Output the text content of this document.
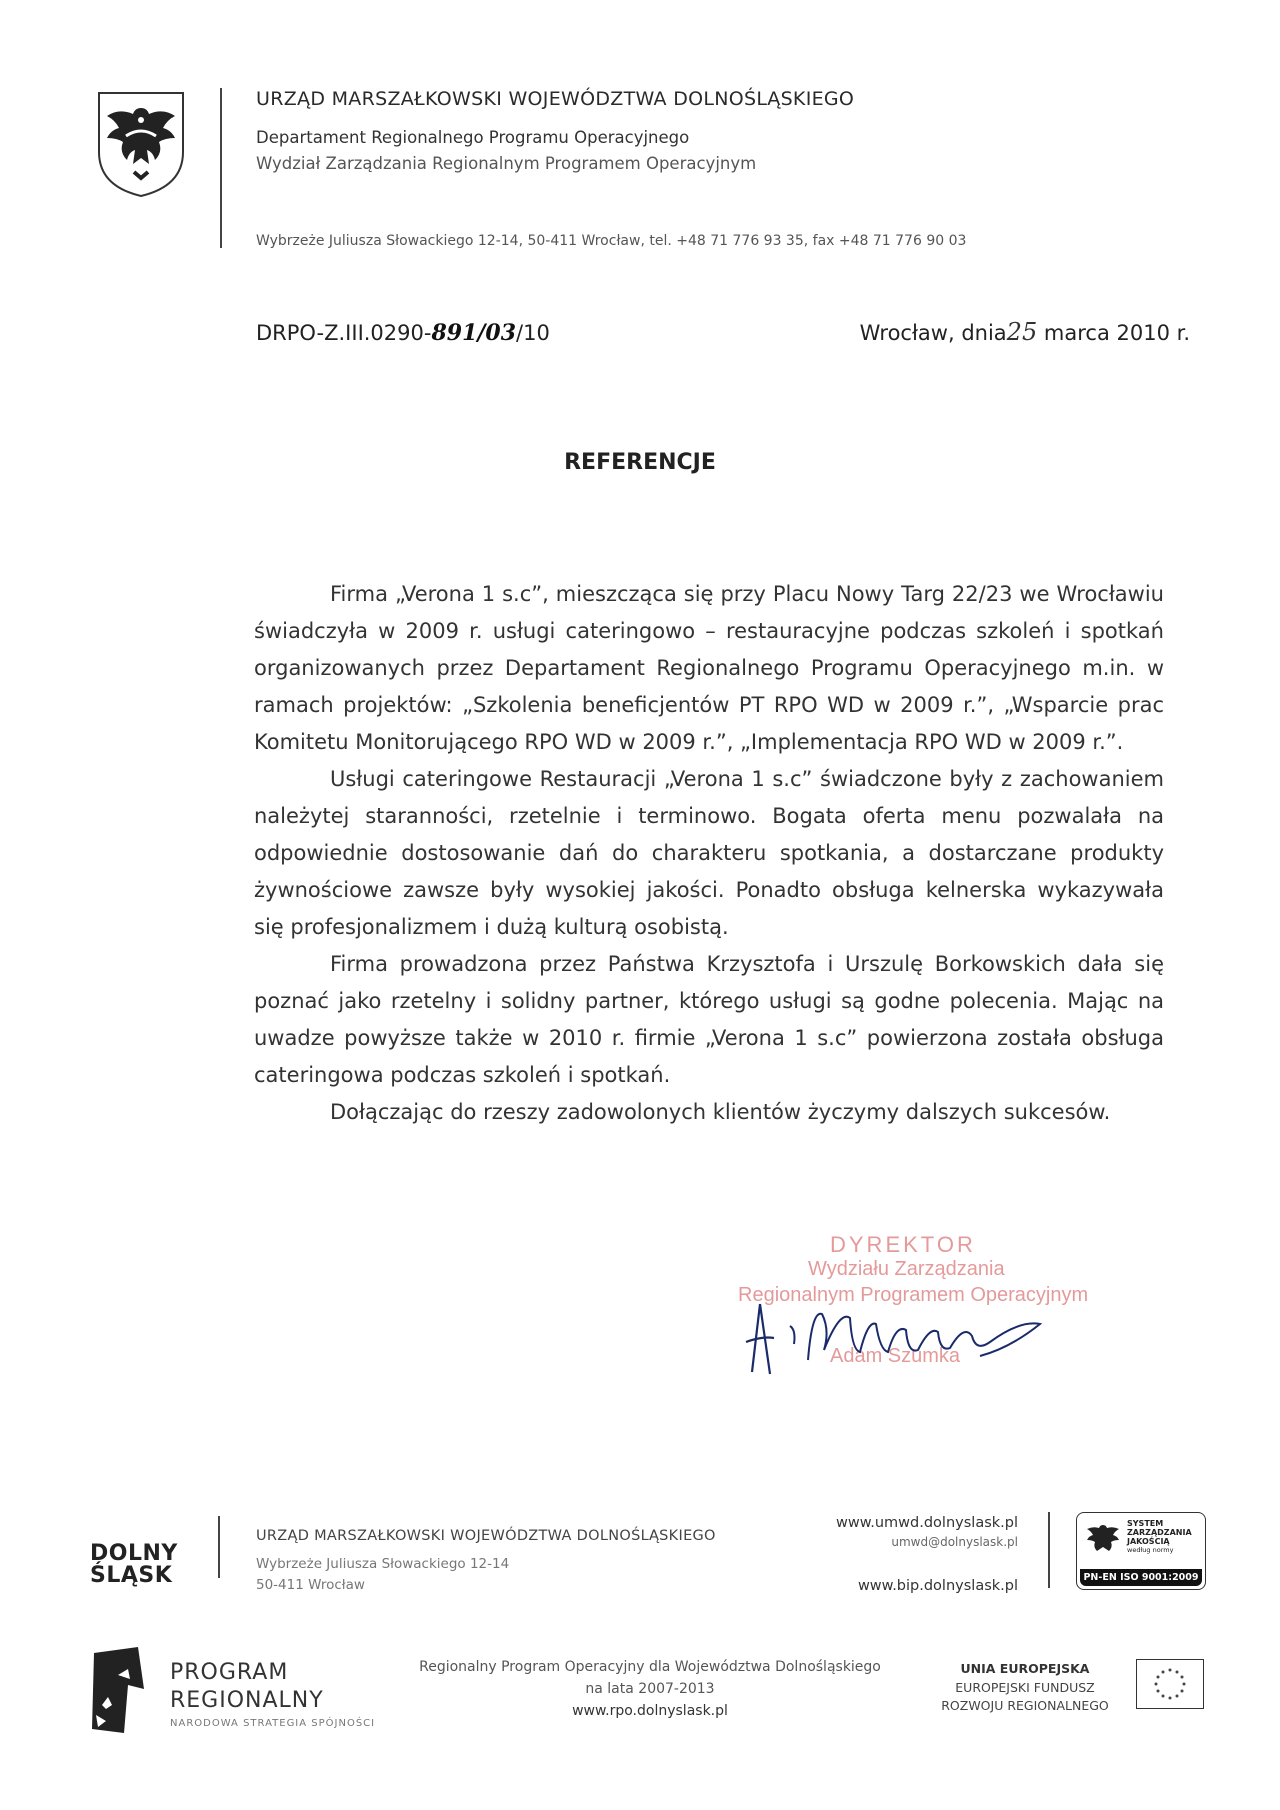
URZĄD MARSZAŁKOWSKI WOJEWÓDZTWA DOLNOŚLĄSKIEGO
Departament Regionalnego Programu Operacyjnego
Wydział Zarządzania Regionalnym Programem Operacyjnym
Wybrzeże Juliusza Słowackiego 12-14, 50-411 Wrocław, tel. +48 71 776 93 35, fax +48 71 776 90 03
DRPO-Z.III.0290-891/03/10	Wrocław, dnia25 marca 2010 r.
REFERENCJE

Firma „Verona 1 s.c”, mieszcząca się przy Placu Nowy Targ 22/23 we Wrocławiu świadczyła w 2009 r. usługi cateringowo – restauracyjne podczas szkoleń i spotkań organizowanych przez Departament Regionalnego Programu Operacyjnego m.in. w ramach projektów: „Szkolenia beneficjentów PT RPO WD w 2009 r.”, „Wsparcie prac Komitetu Monitorującego RPO WD w 2009 r.”, „Implementacja RPO WD w 2009 r.”.

Usługi cateringowe Restauracji „Verona 1 s.c” świadczone były z zachowaniem należytej staranności, rzetelnie i terminowo. Bogata oferta menu pozwalała na odpowiednie dostosowanie dań do charakteru spotkania, a dostarczane produkty żywnościowe zawsze były wysokiej jakości. Ponadto obsługa kelnerska wykazywała się profesjonalizmem i dużą kulturą osobistą.

Firma prowadzona przez Państwa Krzysztofa i Urszulę Borkowskich dała się poznać jako rzetelny i solidny partner, którego usługi są godne polecenia. Mając na uwadze powyższe także w 2010 r. firmie „Verona 1 s.c” powierzona została obsługa cateringowa podczas szkoleń i spotkań.

Dołączając do rzeszy zadowolonych klientów życzymy dalszych sukcesów.

DYREKTOR
Wydziału Zarządzania
Regionalnym Programem Operacyjnym
Adam Szumka
DOLNY
ŚLĄSK
URZĄD MARSZAŁKOWSKI WOJEWÓDZTWA DOLNOŚLĄSKIEGO
Wybrzeże Juliusza Słowackiego 12-14
50-411 Wrocław
www.umwd.dolnyslask.pl
umwd@dolnyslask.pl
www.bip.dolnyslask.pl
SYSTEM
ZARZĄDZANIA
JAKOŚCIĄ
według normy
PN-EN ISO 9001:2009
PROGRAM
REGIONALNY
NARODOWA STRATEGIA SPÓJNOŚCI
Regionalny Program Operacyjny dla Województwa Dolnośląskiego
na lata 2007-2013
www.rpo.dolnyslask.pl
UNIA EUROPEJSKA
EUROPEJSKI FUNDUSZ
ROZWOJU REGIONALNEGO
